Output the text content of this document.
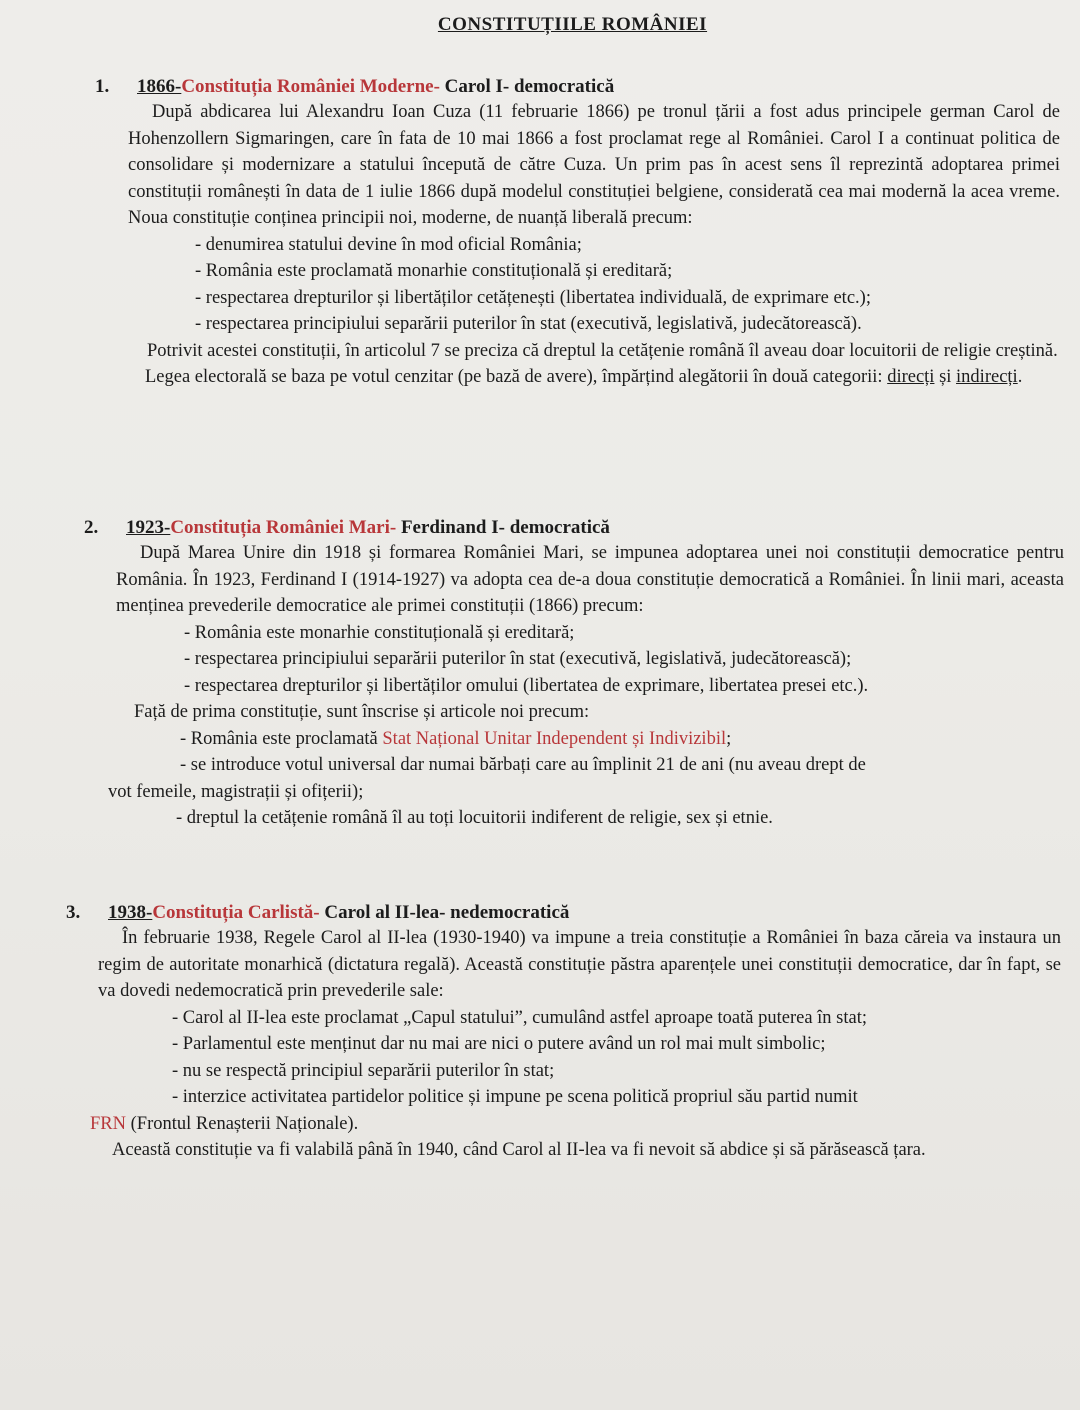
CONSTITUȚIILE ROMÂNIEI
1. 1866-Constituția României Moderne- Carol I- democratică
După abdicarea lui Alexandru Ioan Cuza (11 februarie 1866) pe tronul țării a fost adus principele german Carol de Hohenzollern Sigmaringen, care în fata de 10 mai 1866 a fost proclamat rege al României. Carol I a continuat politica de consolidare și modernizare a statului începută de către Cuza. Un prim pas în acest sens îl reprezintă adoptarea primei constituții românești în data de 1 iulie 1866 după modelul constituției belgiene, considerată cea mai modernă la acea vreme. Noua constituție conținea principii noi, moderne, de nuanță liberală precum:
- denumirea statului devine în mod oficial România;
- România este proclamată monarhie constituțională și ereditară;
- respectarea drepturilor și libertăților cetățenești (libertatea individuală, de exprimare etc.);
- respectarea principiului separării puterilor în stat (executivă, legislativă, judecătorească).
Potrivit acestei constituții, în articolul 7 se preciza că dreptul la cetățenie română îl aveau doar locuitorii de religie creștină.
Legea electorală se baza pe votul cenzitar (pe bază de avere), împărțind alegătorii în două categorii: direcți și indirecți.
2. 1923-Constituția României Mari- Ferdinand I- democratică
După Marea Unire din 1918 și formarea României Mari, se impunea adoptarea unei noi constituții democratice pentru România. În 1923, Ferdinand I (1914-1927) va adopta cea de-a doua constituție democratică a României. În linii mari, aceasta menținea prevederile democratice ale primei constituții (1866) precum:
- România este monarhie constituțională și ereditară;
- respectarea principiului separării puterilor în stat (executivă, legislativă, judecătorească);
- respectarea drepturilor și libertăților omului (libertatea de exprimare, libertatea presei etc.).
Față de prima constituție, sunt înscrise și articole noi precum:
- România este proclamată Stat Național Unitar Independent și Indivizibil;
- se introduce votul universal dar numai bărbați care au împlinit 21 de ani (nu aveau drept de
vot femeile, magistrații și ofițerii);
- dreptul la cetățenie română îl au toți locuitorii indiferent de religie, sex și etnie.
3. 1938-Constituția Carlistă- Carol al II-lea- nedemocratică
În februarie 1938, Regele Carol al II-lea (1930-1940) va impune a treia constituție a României în baza căreia va instaura un regim de autoritate monarhică (dictatura regală). Această constituție păstra aparențele unei constituții democratice, dar în fapt, se va dovedi nedemocratică prin prevederile sale:
- Carol al II-lea este proclamat „Capul statului”, cumulând astfel aproape toată puterea în stat;
- Parlamentul este menținut dar nu mai are nici o putere având un rol mai mult simbolic;
- nu se respectă principiul separării puterilor în stat;
- interzice activitatea partidelor politice și impune pe scena politică propriul său partid numit
FRN (Frontul Renașterii Naționale).
Această constituție va fi valabilă până în 1940, când Carol al II-lea va fi nevoit să abdice și să părăsească țara.
